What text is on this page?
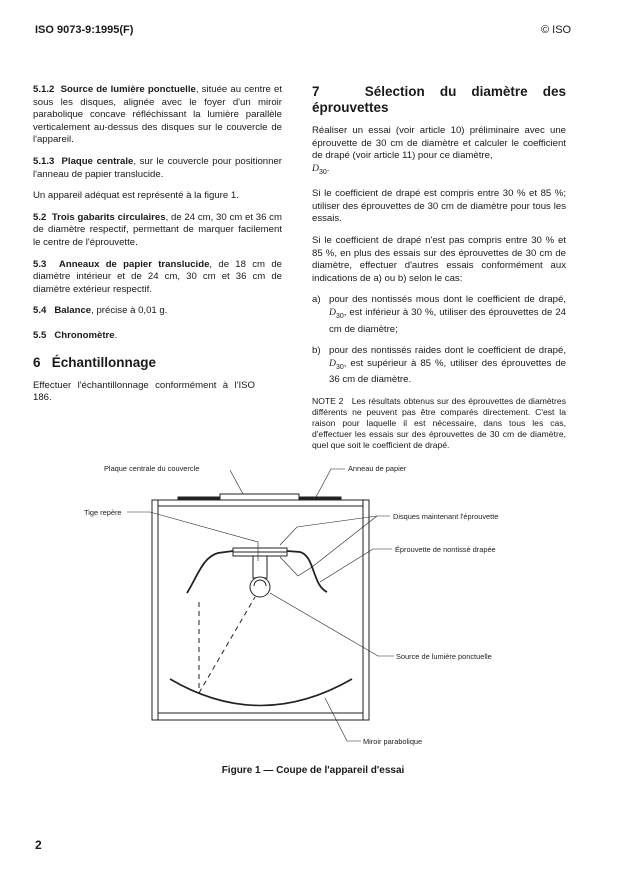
ISO 9073-9:1995(F)	© ISO

5.1.2 Source de lumière ponctuelle, située au centre et sous les disques, alignée avec le foyer d'un miroir parabolique concave réfléchissant la lumière parallèle verticalement au-dessus des disques sur le couvercle de l'appareil.

5.1.3 Plaque centrale, sur le couvercle pour positionner l'anneau de papier translucide.

Un appareil adéquat est représenté à la figure 1.

5.2 Trois gabarits circulaires, de 24 cm, 30 cm et 36 cm de diamètre respectif, permettant de marquer facilement le centre de l'éprouvette.

5.3 Anneaux de papier translucide, de 18 cm de diamètre intérieur et de 24 cm, 30 cm et 36 cm de diamètre extérieur respectif.

5.4 Balance, précise à 0,01 g.

5.5 Chronomètre.

6 Échantillonnage

Effectuer l'échantillonnage conformément à l'ISO 186.

7	Sélection du diamètre des éprouvettes

Réaliser un essai (voir article 10) préliminaire avec une éprouvette de 30 cm de diamètre et calculer le coefficient de drapé (voir article 11) pour ce diamètre,
$D_{30}$.

Si le coefficient de drapé est compris entre 30 % et 85 %; utiliser des éprouvettes de 30 cm de diamètre pour tous les essais.

Si le coefficient de drapé n'est pas compris entre 30 % et 85 %, en plus des essais sur des éprouvettes de 30 cm de diamètre, effectuer d'autres essais conformément aux indications de a) ou b) selon le cas:

a) pour des nontissés mous dont le coefficient de drapé, $D_{30}$, est inférieur à 30 %, utiliser des éprouvettes de 24 cm de diamètre;
b) pour des nontissés raides dont le coefficient de drapé, $D_{30}$, est supérieur à 85 %, utiliser des éprouvettes de 36 cm de diamètre.

NOTE 2 Les résultats obtenus sur des éprouvettes de diamètres différents ne peuvent pas être comparés directement. C'est la raison pour laquelle il est nécessaire, dans tous les cas, d'effectuer les essais sur des éprouvettes de 30 cm de diamètre, quel que soit le coefficient de drapé.

Plaque centrale du couvercle	Anneau de papier
Tige repère	Disques maintenant l'éprouvette
Éprouvette de nontissé drapée
Source de lumière ponctuelle
Miroir parabolique
Figure 1 — Coupe de l'appareil d'essai
2
